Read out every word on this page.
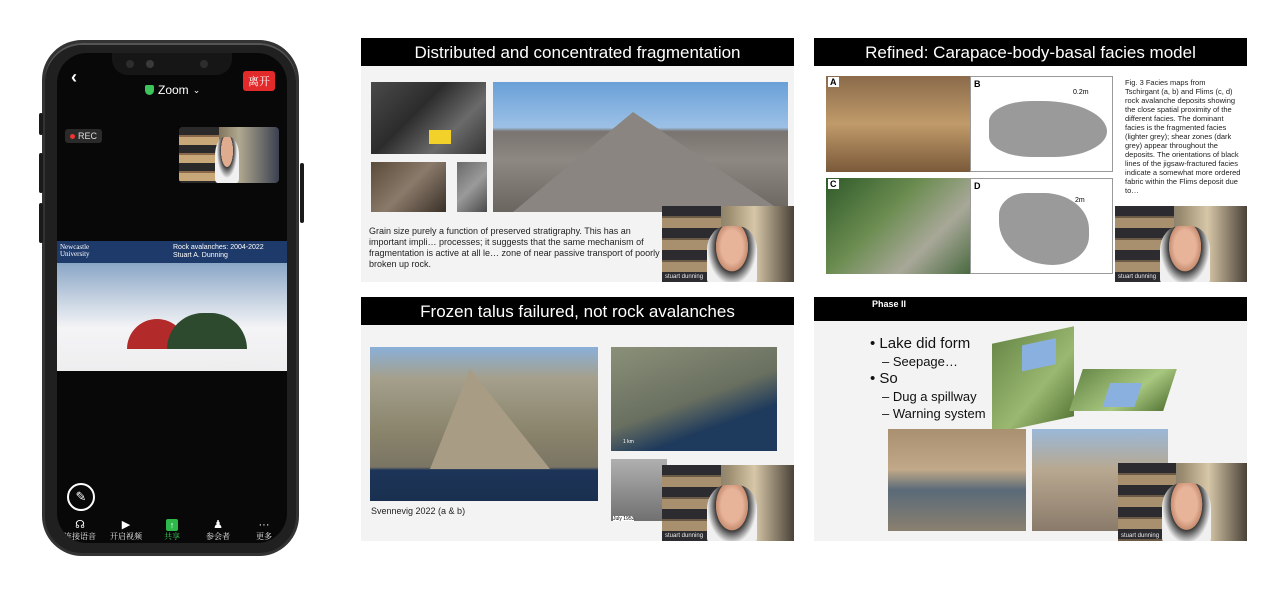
‹
Zoom ⌄
离开
REC
Newcastle
University
Rock avalanches: 2004-2022
Stuart A. Dunning
stuart.dunning@ncl.ac.uk
✎
☊
连接语音
▶
开启视频
↑
共享
♟
参会者
···
更多
Distributed and concentrated fragmentation
Grain size purely a function of preserved stratigraphy. This has an important impli… processes; it suggests that the same mechanism of fragmentation is active at all le… zone of near passive transport of poorly broken up rock.
stuart dunning
Refined: Carapace-body-basal facies model
A	B
0.2m
C	D
2m
Fig. 3 Facies maps from Tschirgant (a, b) and Flims (c, d) rock avalanche deposits showing the close spatial proximity of the different facies. The dominant facies is the fragmented facies (lighter grey); shear zones (dark grey) appear throughout the deposits. The orientations of black lines of the jigsaw-fractured facies indicate a somewhat more ordered fabric within the Flims deposit due to…
stuart dunning
Frozen talus failured, not rock avalanches
1 km
July 1953
Svennevig 2022 (a & b)
stuart dunning
Phase II
• Lake did form
– Seepage…
• So
– Dug a spillway
– Warning system
stuart dunning
